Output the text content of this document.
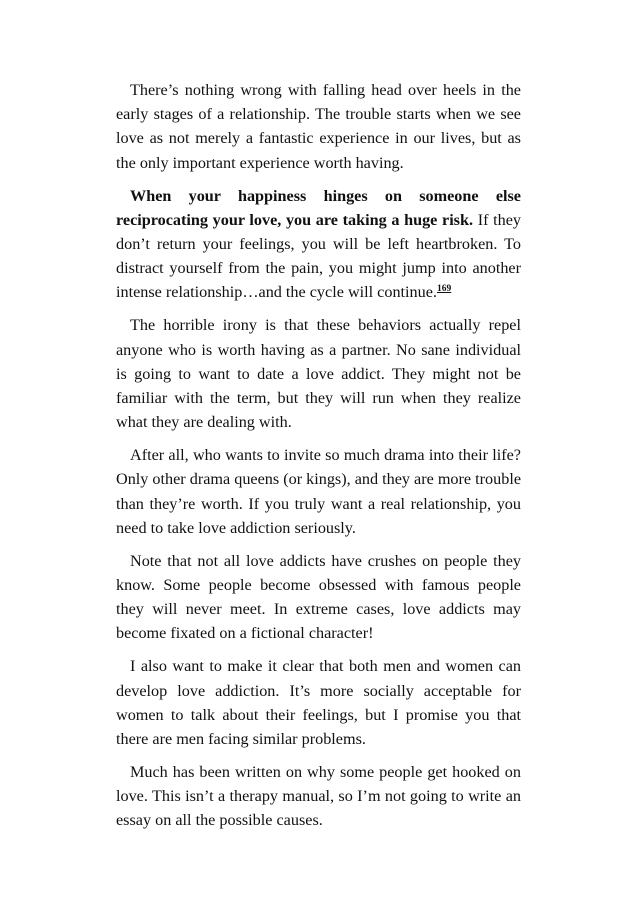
There’s nothing wrong with falling head over heels in the early stages of a relationship. The trouble starts when we see love as not merely a fantastic experience in our lives, but as the only important experience worth having.

When your happiness hinges on someone else reciprocating your love, you are taking a huge risk. If they don’t return your feelings, you will be left heartbroken. To distract yourself from the pain, you might jump into another intense relationship…and the cycle will continue.$^{169}$

The horrible irony is that these behaviors actually repel anyone who is worth having as a partner. No sane individual is going to want to date a love addict. They might not be familiar with the term, but they will run when they realize what they are dealing with.

After all, who wants to invite so much drama into their life? Only other drama queens (or kings), and they are more trouble than they’re worth. If you truly want a real relationship, you need to take love addiction seriously.

Note that not all love addicts have crushes on people they know. Some people become obsessed with famous people they will never meet. In extreme cases, love addicts may become fixated on a fictional character!

I also want to make it clear that both men and women can develop love addiction. It’s more socially acceptable for women to talk about their feelings, but I promise you that there are men facing similar problems.

Much has been written on why some people get hooked on love. This isn’t a therapy manual, so I’m not going to write an essay on all the possible causes.
